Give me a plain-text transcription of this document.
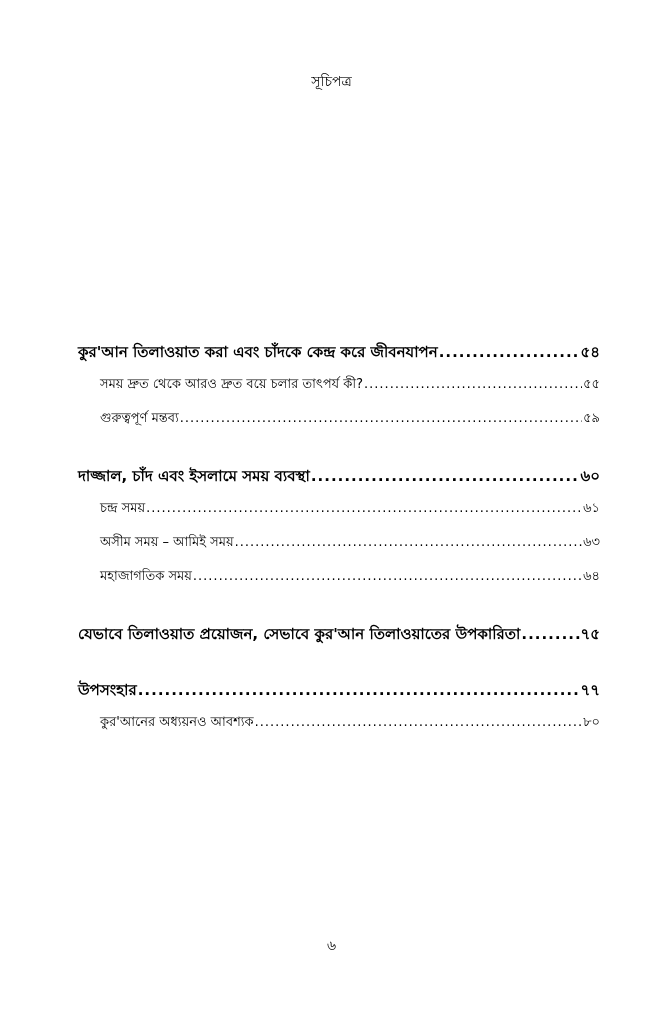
সূচিপত্র
কুর'আন তিলাওয়াত করা এবং চাঁদকে কেন্দ্র করে জীবনযাপন .....	৫৪
সময় দ্রুত থেকে আরও দ্রুত বয়ে চলার তাৎপর্য কী? .....	৫৫
গুরুত্বপূর্ণ মন্তব্য .....	৫৯
দাজ্জাল, চাঁদ এবং ইসলামে সময় ব্যবস্থা .....	৬০
চন্দ্র সময় .....	৬১
অসীম সময় – আমিই সময় .....	৬৩
মহাজাগতিক সময় .....	৬৪
যেভাবে তিলাওয়াত প্রয়োজন, সেভাবে কুর'আন তিলাওয়াতের উপকারিতা .....	৭৫
উপসংহার .....	৭৭
কুর'আনের অধ্যয়নও আবশ্যক .....	৮০
৬
